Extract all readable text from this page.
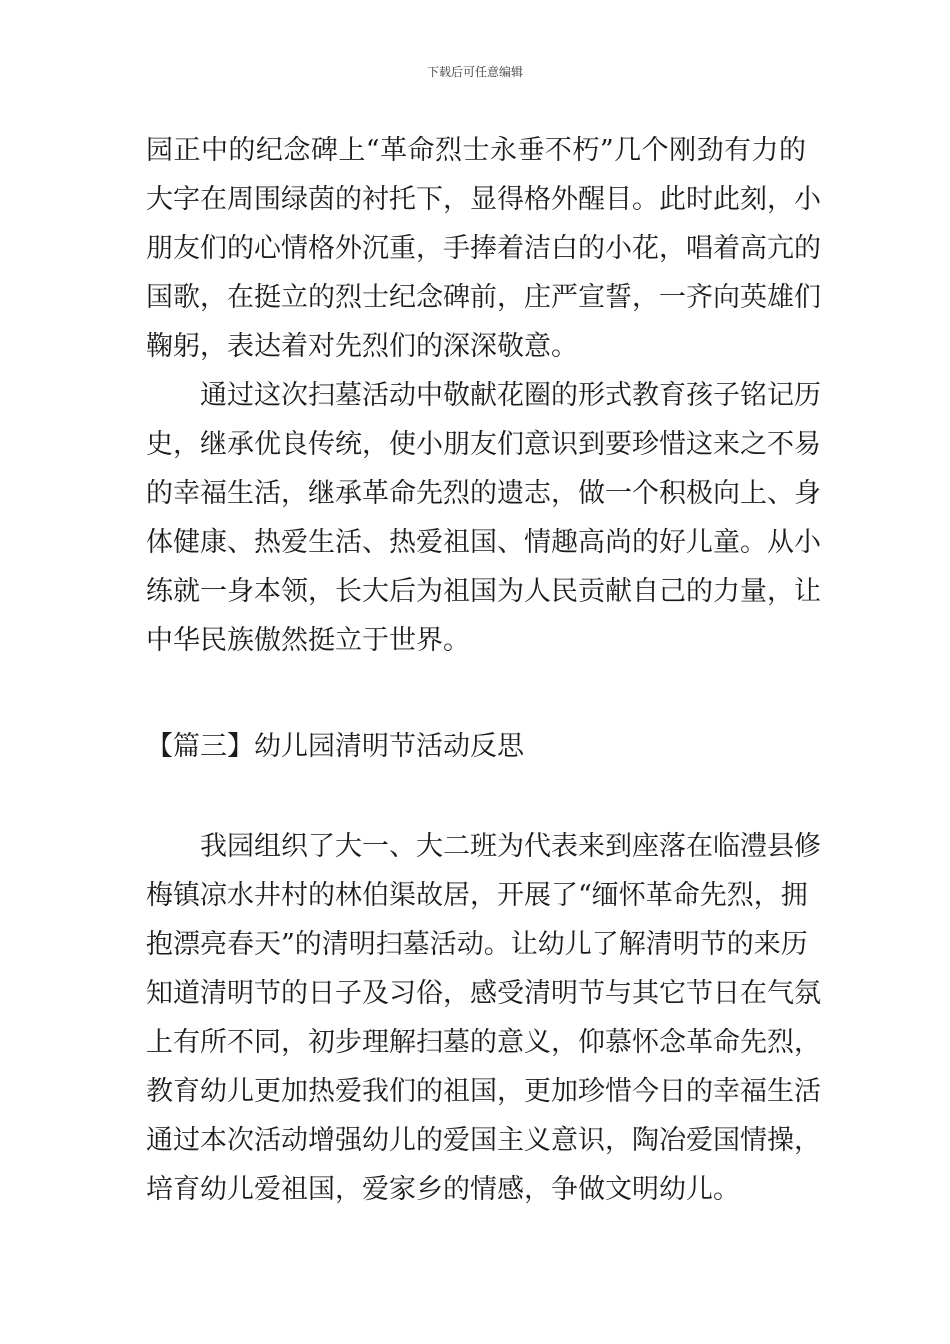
下载后可任意编辑
园正中的纪念碑上“革命烈士永垂不朽”几个刚劲有力的
大字在周围绿茵的衬托下，显得格外醒目。此时此刻，小
朋友们的心情格外沉重，手捧着洁白的小花，唱着高亢的
国歌，在挺立的烈士纪念碑前，庄严宣誓，一齐向英雄们
鞠躬，表达着对先烈们的深深敬意。
通过这次扫墓活动中敬献花圈的形式教育孩子铭记历
史，继承优良传统，使小朋友们意识到要珍惜这来之不易
的幸福生活，继承革命先烈的遗志，做一个积极向上、身
体健康、热爱生活、热爱祖国、情趣高尚的好儿童。从小
练就一身本领，长大后为祖国为人民贡献自己的力量，让
中华民族傲然挺立于世界。
【篇三】幼儿园清明节活动反思
我园组织了大一、大二班为代表来到座落在临澧县修
梅镇凉水井村的林伯渠故居，开展了“缅怀革命先烈，拥
抱漂亮春天”的清明扫墓活动。让幼儿了解清明节的来历
知道清明节的日子及习俗，感受清明节与其它节日在气氛
上有所不同，初步理解扫墓的意义，仰慕怀念革命先烈，
教育幼儿更加热爱我们的祖国，更加珍惜今日的幸福生活
通过本次活动增强幼儿的爱国主义意识，陶冶爱国情操，
培育幼儿爱祖国，爱家乡的情感，争做文明幼儿。
